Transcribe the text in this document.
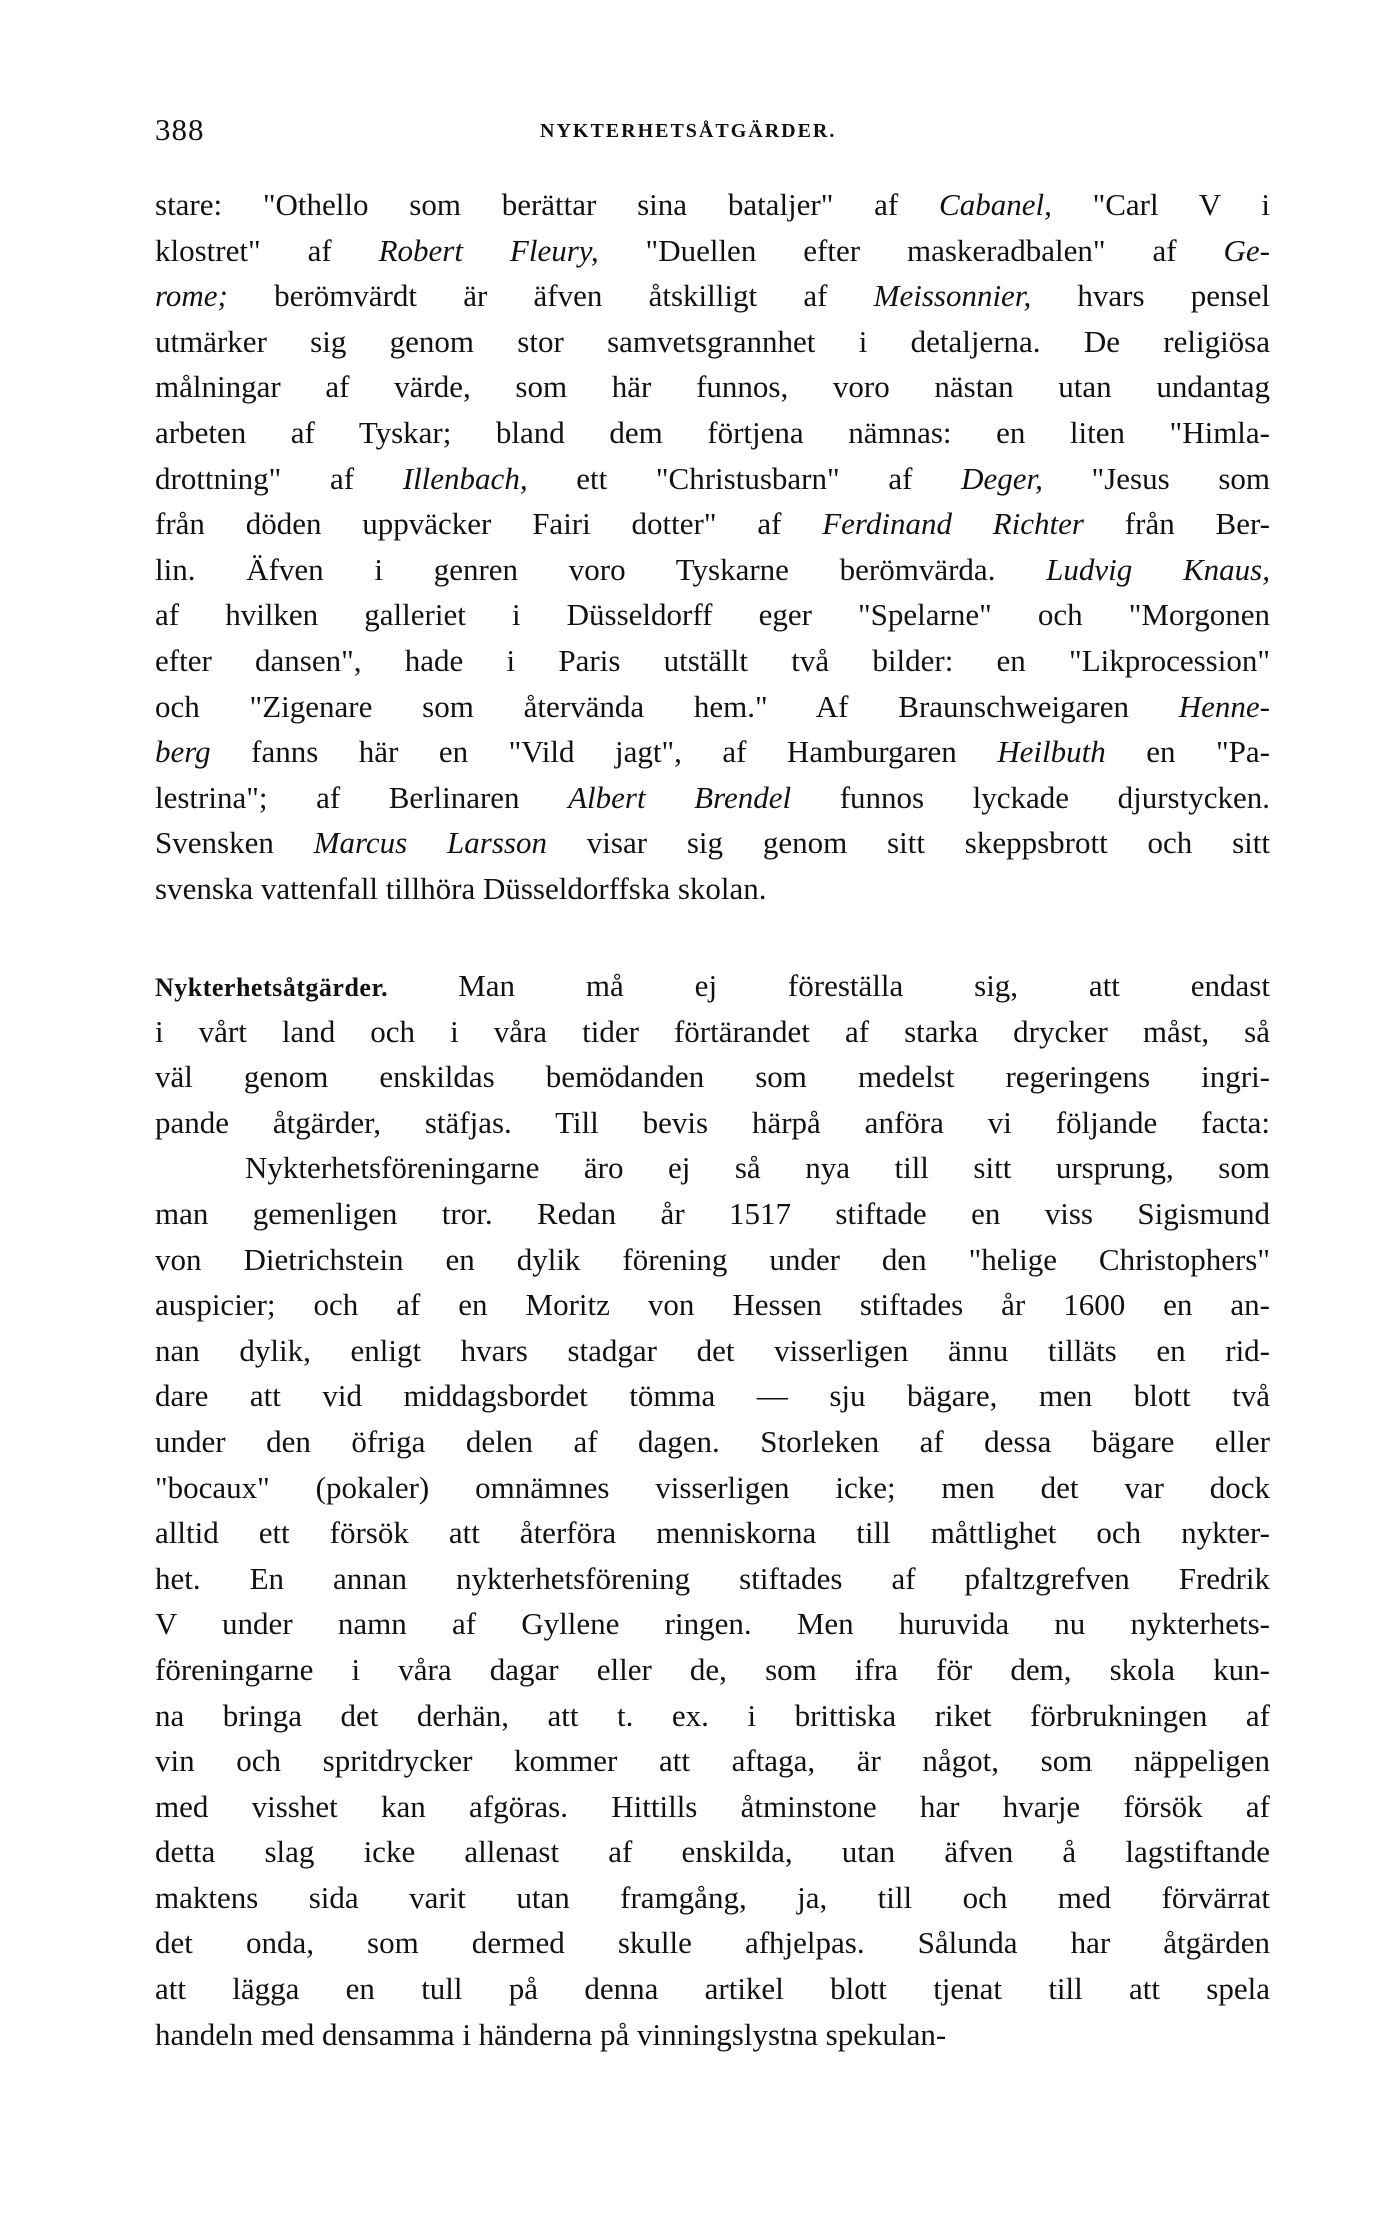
388	NYKTERHETSÅTGÄRDER.
stare: "Othello som berättar sina bataljer" af Cabanel, "Carl V i
klostret" af Robert Fleury, "Duellen efter maskeradbalen" af Ge-
rome; berömvärdt är äfven åtskilligt af Meissonnier, hvars pensel
utmärker sig genom stor samvetsgrannhet i detaljerna. De religiösa
målningar af värde, som här funnos, voro nästan utan undantag
arbeten af Tyskar; bland dem förtjena nämnas: en liten "Himla-
drottning" af Illenbach, ett "Christusbarn" af Deger, "Jesus som
från döden uppväcker Fairi dotter" af Ferdinand Richter från Ber-
lin. Äfven i genren voro Tyskarne berömvärda. Ludvig Knaus,
af hvilken galleriet i Düsseldorff eger "Spelarne" och "Morgonen
efter dansen", hade i Paris utställt två bilder: en "Likprocession"
och "Zigenare som återvända hem." Af Braunschweigaren Henne-
berg fanns här en "Vild jagt", af Hamburgaren Heilbuth en "Pa-
lestrina"; af Berlinaren Albert Brendel funnos lyckade djurstycken.
Svensken Marcus Larsson visar sig genom sitt skeppsbrott och sitt
svenska vattenfall tillhöra Düsseldorffska skolan.
Nykterhetsåtgärder. Man må ej föreställa sig, att endast
i vårt land och i våra tider förtärandet af starka drycker måst, så
väl genom enskildas bemödanden som medelst regeringens ingri-
pande åtgärder, stäfjas. Till bevis härpå anföra vi följande facta:
Nykterhetsföreningarne äro ej så nya till sitt ursprung, som
man gemenligen tror. Redan år 1517 stiftade en viss Sigismund
von Dietrichstein en dylik förening under den "helige Christophers"
auspicier; och af en Moritz von Hessen stiftades år 1600 en an-
nan dylik, enligt hvars stadgar det visserligen ännu tilläts en rid-
dare att vid middagsbordet tömma — sju bägare, men blott två
under den öfriga delen af dagen. Storleken af dessa bägare eller
"bocaux" (pokaler) omnämnes visserligen icke; men det var dock
alltid ett försök att återföra menniskorna till måttlighet och nykter-
het. En annan nykterhetsförening stiftades af pfaltzgrefven Fredrik
V under namn af Gyllene ringen. Men huruvida nu nykterhets-
föreningarne i våra dagar eller de, som ifra för dem, skola kun-
na bringa det derhän, att t. ex. i brittiska riket förbrukningen af
vin och spritdrycker kommer att aftaga, är något, som näppeligen
med visshet kan afgöras. Hittills åtminstone har hvarje försök af
detta slag icke allenast af enskilda, utan äfven å lagstiftande
maktens sida varit utan framgång, ja, till och med förvärrat
det onda, som dermed skulle afhjelpas. Sålunda har åtgärden
att lägga en tull på denna artikel blott tjenat till att spela
handeln med densamma i händerna på vinningslystna spekulan-
